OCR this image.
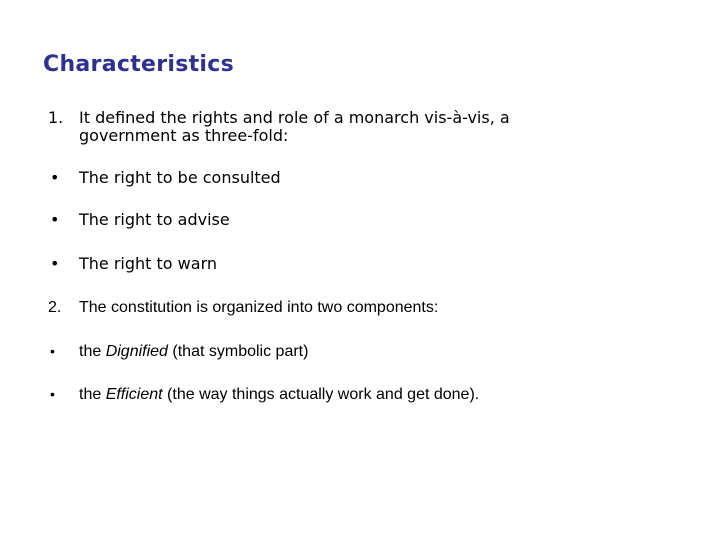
Characteristics
1. It defined the rights and role of a monarch vis-à-vis, a
government as three-fold:
• The right to be consulted
• The right to advise
• The right to warn
2. The constitution is organized into two components:
• the Dignified (that symbolic part)
• the Efficient (the way things actually work and get done).
